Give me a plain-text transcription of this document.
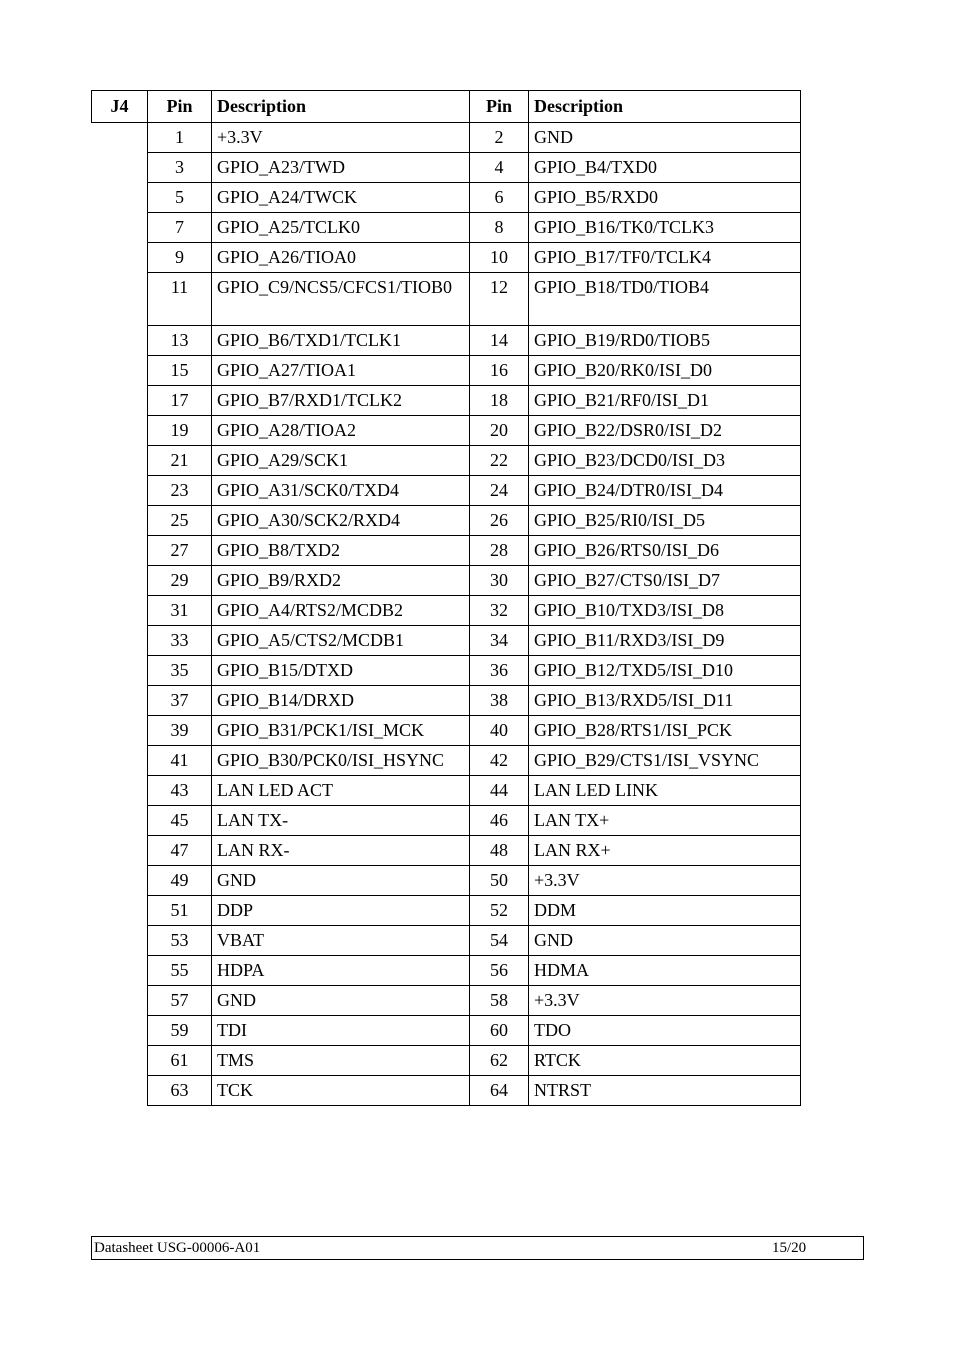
J4	Pin	Description	Pin	Description
	1	+3.3V	2	GND
	3	GPIO_A23/TWD	4	GPIO_B4/TXD0
	5	GPIO_A24/TWCK	6	GPIO_B5/RXD0
	7	GPIO_A25/TCLK0	8	GPIO_B16/TK0/TCLK3
	9	GPIO_A26/TIOA0	10	GPIO_B17/TF0/TCLK4
	11	GPIO_C9/NCS5/CFCS1/TIOB0	12	GPIO_B18/TD0/TIOB4
	13	GPIO_B6/TXD1/TCLK1	14	GPIO_B19/RD0/TIOB5
	15	GPIO_A27/TIOA1	16	GPIO_B20/RK0/ISI_D0
	17	GPIO_B7/RXD1/TCLK2	18	GPIO_B21/RF0/ISI_D1
	19	GPIO_A28/TIOA2	20	GPIO_B22/DSR0/ISI_D2
	21	GPIO_A29/SCK1	22	GPIO_B23/DCD0/ISI_D3
	23	GPIO_A31/SCK0/TXD4	24	GPIO_B24/DTR0/ISI_D4
	25	GPIO_A30/SCK2/RXD4	26	GPIO_B25/RI0/ISI_D5
	27	GPIO_B8/TXD2	28	GPIO_B26/RTS0/ISI_D6
	29	GPIO_B9/RXD2	30	GPIO_B27/CTS0/ISI_D7
	31	GPIO_A4/RTS2/MCDB2	32	GPIO_B10/TXD3/ISI_D8
	33	GPIO_A5/CTS2/MCDB1	34	GPIO_B11/RXD3/ISI_D9
	35	GPIO_B15/DTXD	36	GPIO_B12/TXD5/ISI_D10
	37	GPIO_B14/DRXD	38	GPIO_B13/RXD5/ISI_D11
	39	GPIO_B31/PCK1/ISI_MCK	40	GPIO_B28/RTS1/ISI_PCK
	41	GPIO_B30/PCK0/ISI_HSYNC	42	GPIO_B29/CTS1/ISI_VSYNC
	43	LAN LED ACT	44	LAN LED LINK
	45	LAN TX-	46	LAN TX+
	47	LAN RX-	48	LAN RX+
	49	GND	50	+3.3V
	51	DDP	52	DDM
	53	VBAT	54	GND
	55	HDPA	56	HDMA
	57	GND	58	+3.3V
	59	TDI	60	TDO
	61	TMS	62	RTCK
	63	TCK	64	NTRST
Datasheet USG-00006-A01	15/20
